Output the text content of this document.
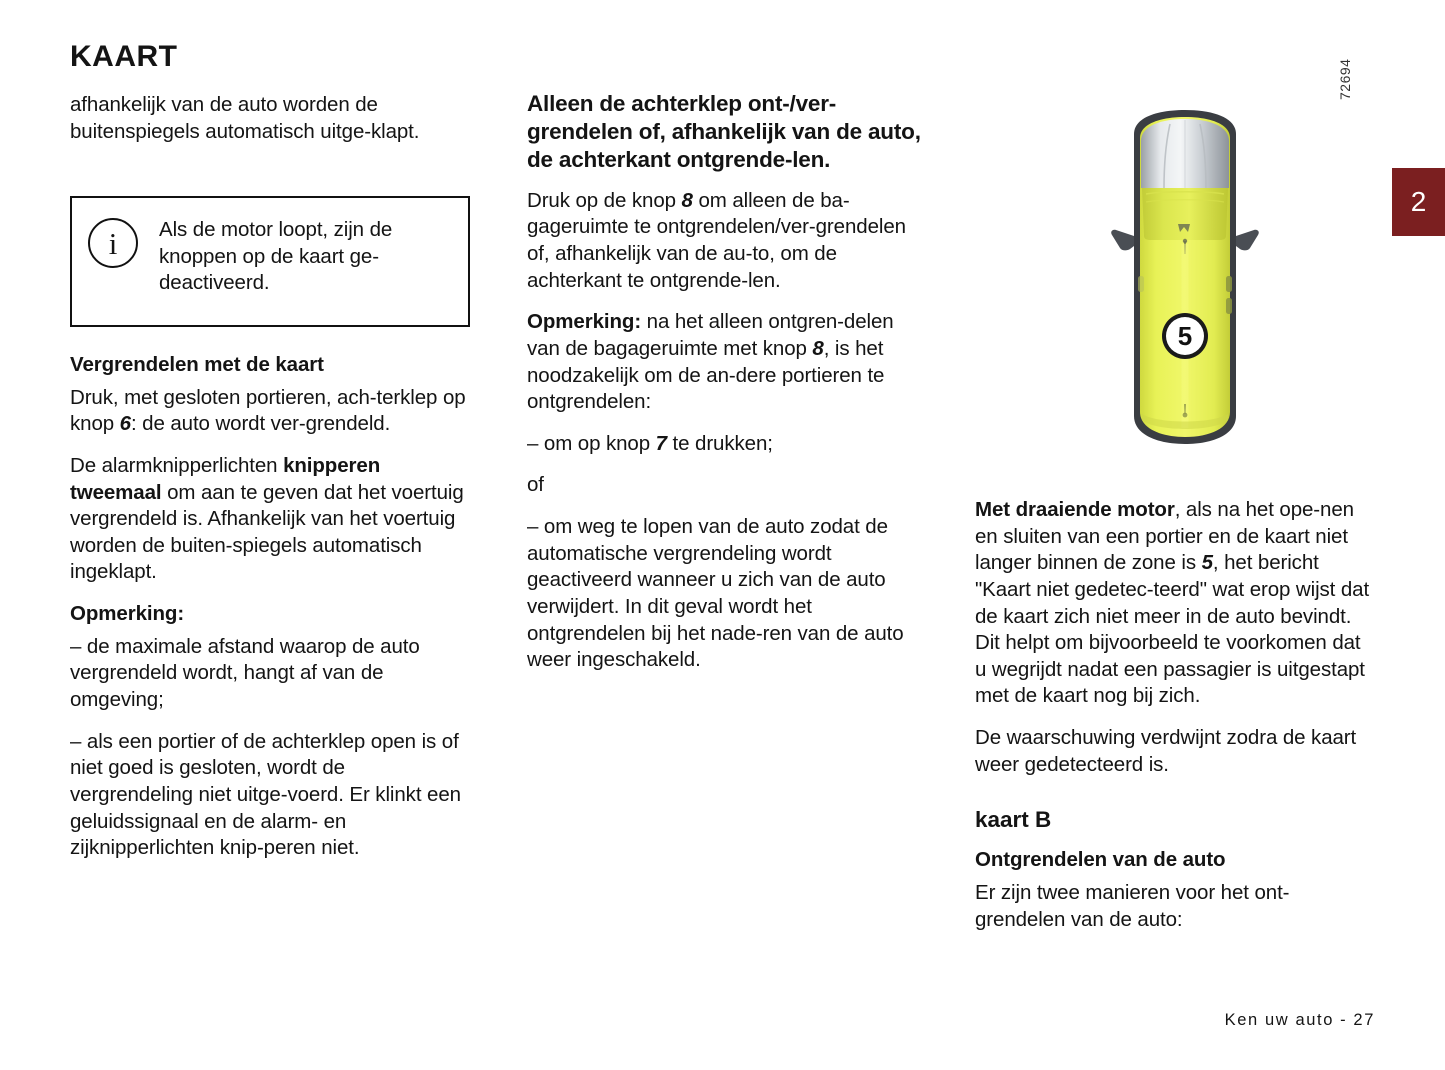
KAART

afhankelijk van de auto worden de buitenspiegels automatisch uitge-klapt.

i	Als de motor loopt, zijn de knoppen op de kaart ge-deactiveerd.

Vergrendelen met de kaart

Druk, met gesloten portieren, ach-terklep op knop 6: de auto wordt ver-grendeld.

De alarmknipperlichten knipperen tweemaal om aan te geven dat het voertuig vergrendeld is. Afhankelijk van het voertuig worden de buiten-spiegels automatisch ingeklapt.

Opmerking:

– de maximale afstand waarop de auto vergrendeld wordt, hangt af van de omgeving;

– als een portier of de achterklep open is of niet goed is gesloten, wordt de vergrendeling niet uitge-voerd. Er klinkt een geluidssignaal en de alarm- en zijknipperlichten knip-peren niet.

Alleen de achterklep ont-/ver-grendelen of, afhankelijk van de auto, de achterkant ontgrende-len.

Druk op de knop 8 om alleen de ba-gageruimte te ontgrendelen/ver-grendelen of, afhankelijk van de au-to, om de achterkant te ontgrende-len.

Opmerking: na het alleen ontgren-delen van de bagageruimte met knop 8, is het noodzakelijk om de an-dere portieren te ontgrendelen:

– om op knop 7 te drukken;

of

– om weg te lopen van de auto zodat de automatische vergrendeling wordt geactiveerd wanneer u zich van de auto verwijdert. In dit geval wordt het ontgrendelen bij het nade-ren van de auto weer ingeschakeld.

5
72694

Met draaiende motor, als na het ope-nen en sluiten van een portier en de kaart niet langer binnen de zone is 5, het bericht "Kaart niet gedetec-teerd" wat erop wijst dat de kaart zich niet meer in de auto bevindt. Dit helpt om bijvoorbeeld te voorkomen dat u wegrijdt nadat een passagier is uitgestapt met de kaart nog bij zich.

De waarschuwing verdwijnt zodra de kaart weer gedetecteerd is.

kaart B
Ontgrendelen van de auto

Er zijn twee manieren voor het ont-grendelen van de auto:

2
Ken uw auto - 27
